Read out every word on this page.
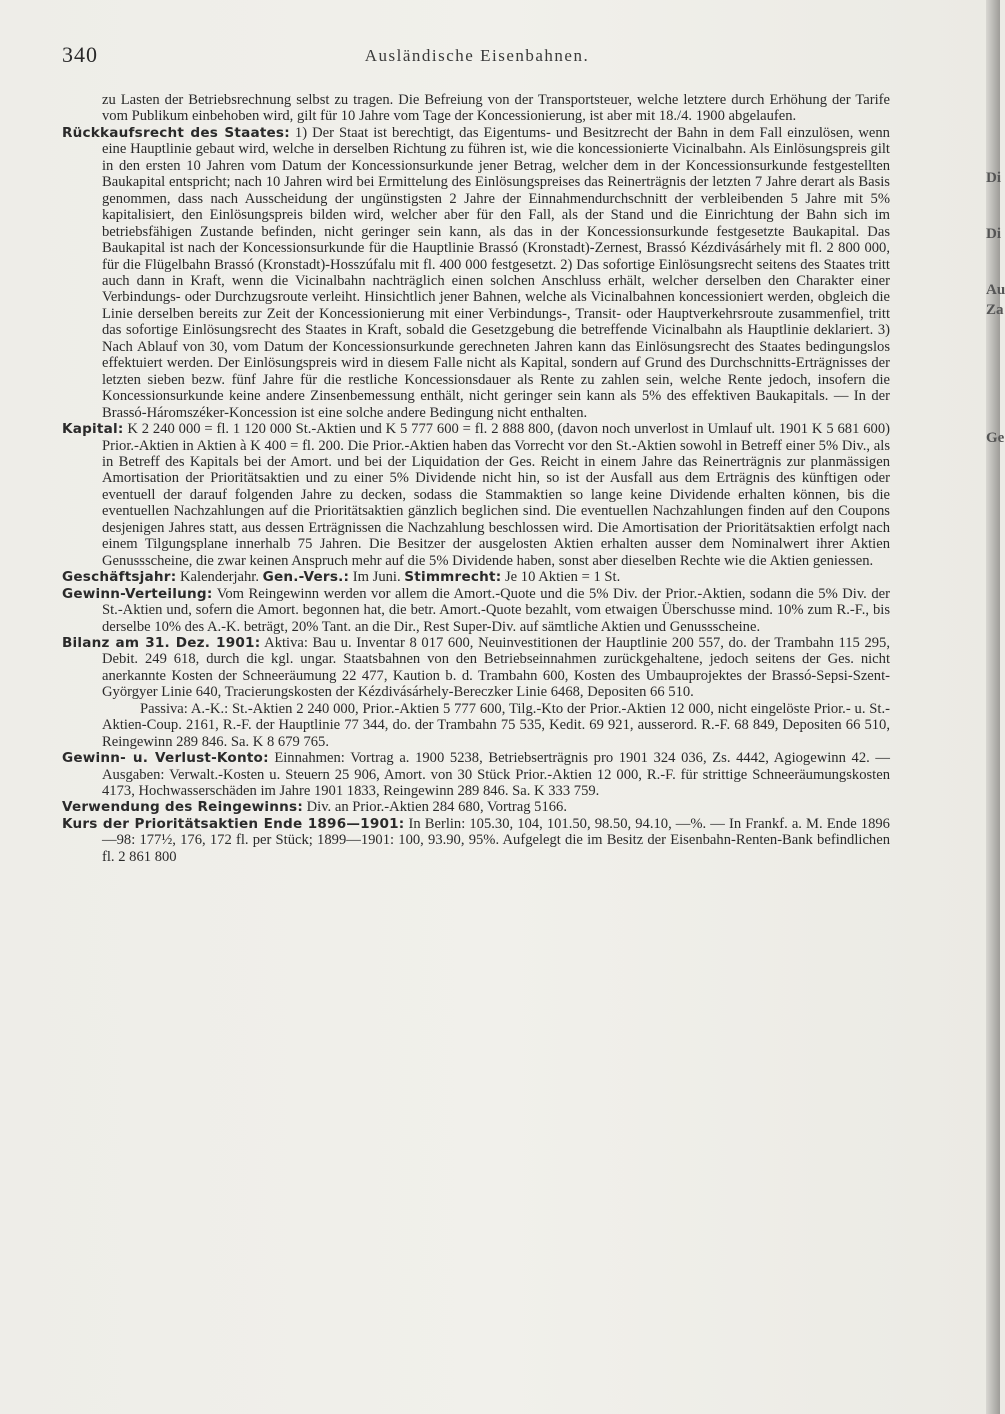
340	Ausländische Eisenbahnen.

zu Lasten der Betriebsrechnung selbst zu tragen. Die Befreiung von der Transportsteuer, welche letztere durch Erhöhung der Tarife vom Publikum einbehoben wird, gilt für 10 Jahre vom Tage der Koncessionierung, ist aber mit 18./4. 1900 abgelaufen.

Rückkaufsrecht des Staates: 1) Der Staat ist berechtigt, das Eigentums- und Besitzrecht der Bahn in dem Fall einzulösen, wenn eine Hauptlinie gebaut wird, welche in derselben Richtung zu führen ist, wie die koncessionierte Vicinalbahn. Als Einlösungspreis gilt in den ersten 10 Jahren vom Datum der Koncessionsurkunde jener Betrag, welcher dem in der Koncessionsurkunde festgestellten Baukapital entspricht; nach 10 Jahren wird bei Ermittelung des Einlösungspreises das Reinerträgnis der letzten 7 Jahre derart als Basis genommen, dass nach Ausscheidung der ungünstigsten 2 Jahre der Einnahmendurchschnitt der verbleibenden 5 Jahre mit 5% kapitalisiert, den Einlösungspreis bilden wird, welcher aber für den Fall, als der Stand und die Einrichtung der Bahn sich im betriebsfähigen Zustande befinden, nicht geringer sein kann, als das in der Koncessionsurkunde festgesetzte Baukapital. Das Baukapital ist nach der Koncessionsurkunde für die Hauptlinie Brassó (Kronstadt)-Zernest, Brassó Kézdivásárhely mit fl. 2 800 000, für die Flügelbahn Brassó (Kronstadt)-Hosszúfalu mit fl. 400 000 festgesetzt. 2) Das sofortige Einlösungsrecht seitens des Staates tritt auch dann in Kraft, wenn die Vicinalbahn nachträglich einen solchen Anschluss erhält, welcher derselben den Charakter einer Verbindungs- oder Durchzugsroute verleiht. Hinsichtlich jener Bahnen, welche als Vicinalbahnen koncessioniert werden, obgleich die Linie derselben bereits zur Zeit der Koncessionierung mit einer Verbindungs-, Transit- oder Hauptverkehrsroute zusammenfiel, tritt das sofortige Einlösungsrecht des Staates in Kraft, sobald die Gesetzgebung die betreffende Vicinalbahn als Hauptlinie deklariert. 3) Nach Ablauf von 30, vom Datum der Koncessionsurkunde gerechneten Jahren kann das Einlösungsrecht des Staates bedingungslos effektuiert werden. Der Einlösungspreis wird in diesem Falle nicht als Kapital, sondern auf Grund des Durchschnitts-Erträgnisses der letzten sieben bezw. fünf Jahre für die restliche Koncessionsdauer als Rente zu zahlen sein, welche Rente jedoch, insofern die Koncessionsurkunde keine andere Zinsenbemessung enthält, nicht geringer sein kann als 5% des effektiven Baukapitals. — In der Brassó-Háromszéker-Koncession ist eine solche andere Bedingung nicht enthalten.

Kapital: K 2 240 000 = fl. 1 120 000 St.-Aktien und K 5 777 600 = fl. 2 888 800, (davon noch unverlost in Umlauf ult. 1901 K 5 681 600) Prior.-Aktien in Aktien à K 400 = fl. 200. Die Prior.-Aktien haben das Vorrecht vor den St.-Aktien sowohl in Betreff einer 5% Div., als in Betreff des Kapitals bei der Amort. und bei der Liquidation der Ges. Reicht in einem Jahre das Reinerträgnis zur planmässigen Amortisation der Prioritätsaktien und zu einer 5% Dividende nicht hin, so ist der Ausfall aus dem Erträgnis des künftigen oder eventuell der darauf folgenden Jahre zu decken, sodass die Stammaktien so lange keine Dividende erhalten können, bis die eventuellen Nachzahlungen auf die Prioritätsaktien gänzlich beglichen sind. Die eventuellen Nachzahlungen finden auf den Coupons desjenigen Jahres statt, aus dessen Erträgnissen die Nachzahlung beschlossen wird. Die Amortisation der Prioritätsaktien erfolgt nach einem Tilgungsplane innerhalb 75 Jahren. Die Besitzer der ausgelosten Aktien erhalten ausser dem Nominalwert ihrer Aktien Genussscheine, die zwar keinen Anspruch mehr auf die 5% Dividende haben, sonst aber dieselben Rechte wie die Aktien geniessen.

Geschäftsjahr: Kalenderjahr. Gen.-Vers.: Im Juni. Stimmrecht: Je 10 Aktien = 1 St.

Gewinn-Verteilung: Vom Reingewinn werden vor allem die Amort.-Quote und die 5% Div. der Prior.-Aktien, sodann die 5% Div. der St.-Aktien und, sofern die Amort. begonnen hat, die betr. Amort.-Quote bezahlt, vom etwaigen Überschusse mind. 10% zum R.-F., bis derselbe 10% des A.-K. beträgt, 20% Tant. an die Dir., Rest Super-Div. auf sämtliche Aktien und Genussscheine.

Bilanz am 31. Dez. 1901: Aktiva: Bau u. Inventar 8 017 600, Neuinvestitionen der Hauptlinie 200 557, do. der Trambahn 115 295, Debit. 249 618, durch die kgl. ungar. Staatsbahnen von den Betriebseinnahmen zurückgehaltene, jedoch seitens der Ges. nicht anerkannte Kosten der Schneeräumung 22 477, Kaution b. d. Trambahn 600, Kosten des Umbauprojektes der Brassó-Sepsi-Szent-Györgyer Linie 640, Tracierungskosten der Kézdivásárhely-Bereczker Linie 6468, Depositen 66 510.

Passiva: A.-K.: St.-Aktien 2 240 000, Prior.-Aktien 5 777 600, Tilg.-Kto der Prior.-Aktien 12 000, nicht eingelöste Prior.- u. St.-Aktien-Coup. 2161, R.-F. der Hauptlinie 77 344, do. der Trambahn 75 535, Kedit. 69 921, ausserord. R.-F. 68 849, Depositen 66 510, Reingewinn 289 846. Sa. K 8 679 765.

Gewinn- u. Verlust-Konto: Einnahmen: Vortrag a. 1900 5238, Betriebserträgnis pro 1901 324 036, Zs. 4442, Agiogewinn 42. — Ausgaben: Verwalt.-Kosten u. Steuern 25 906, Amort. von 30 Stück Prior.-Aktien 12 000, R.-F. für strittige Schneeräumungskosten 4173, Hochwasserschäden im Jahre 1901 1833, Reingewinn 289 846. Sa. K 333 759.

Verwendung des Reingewinns: Div. an Prior.-Aktien 284 680, Vortrag 5166.

Kurs der Prioritätsaktien Ende 1896—1901: In Berlin: 105.30, 104, 101.50, 98.50, 94.10, —%. — In Frankf. a. M. Ende 1896—98: 177½, 176, 172 fl. per Stück; 1899—1901: 100, 93.90, 95%. Aufgelegt die im Besitz der Eisenbahn-Renten-Bank befindlichen fl. 2 861 800

Di
Di
Au
Za
Ge
